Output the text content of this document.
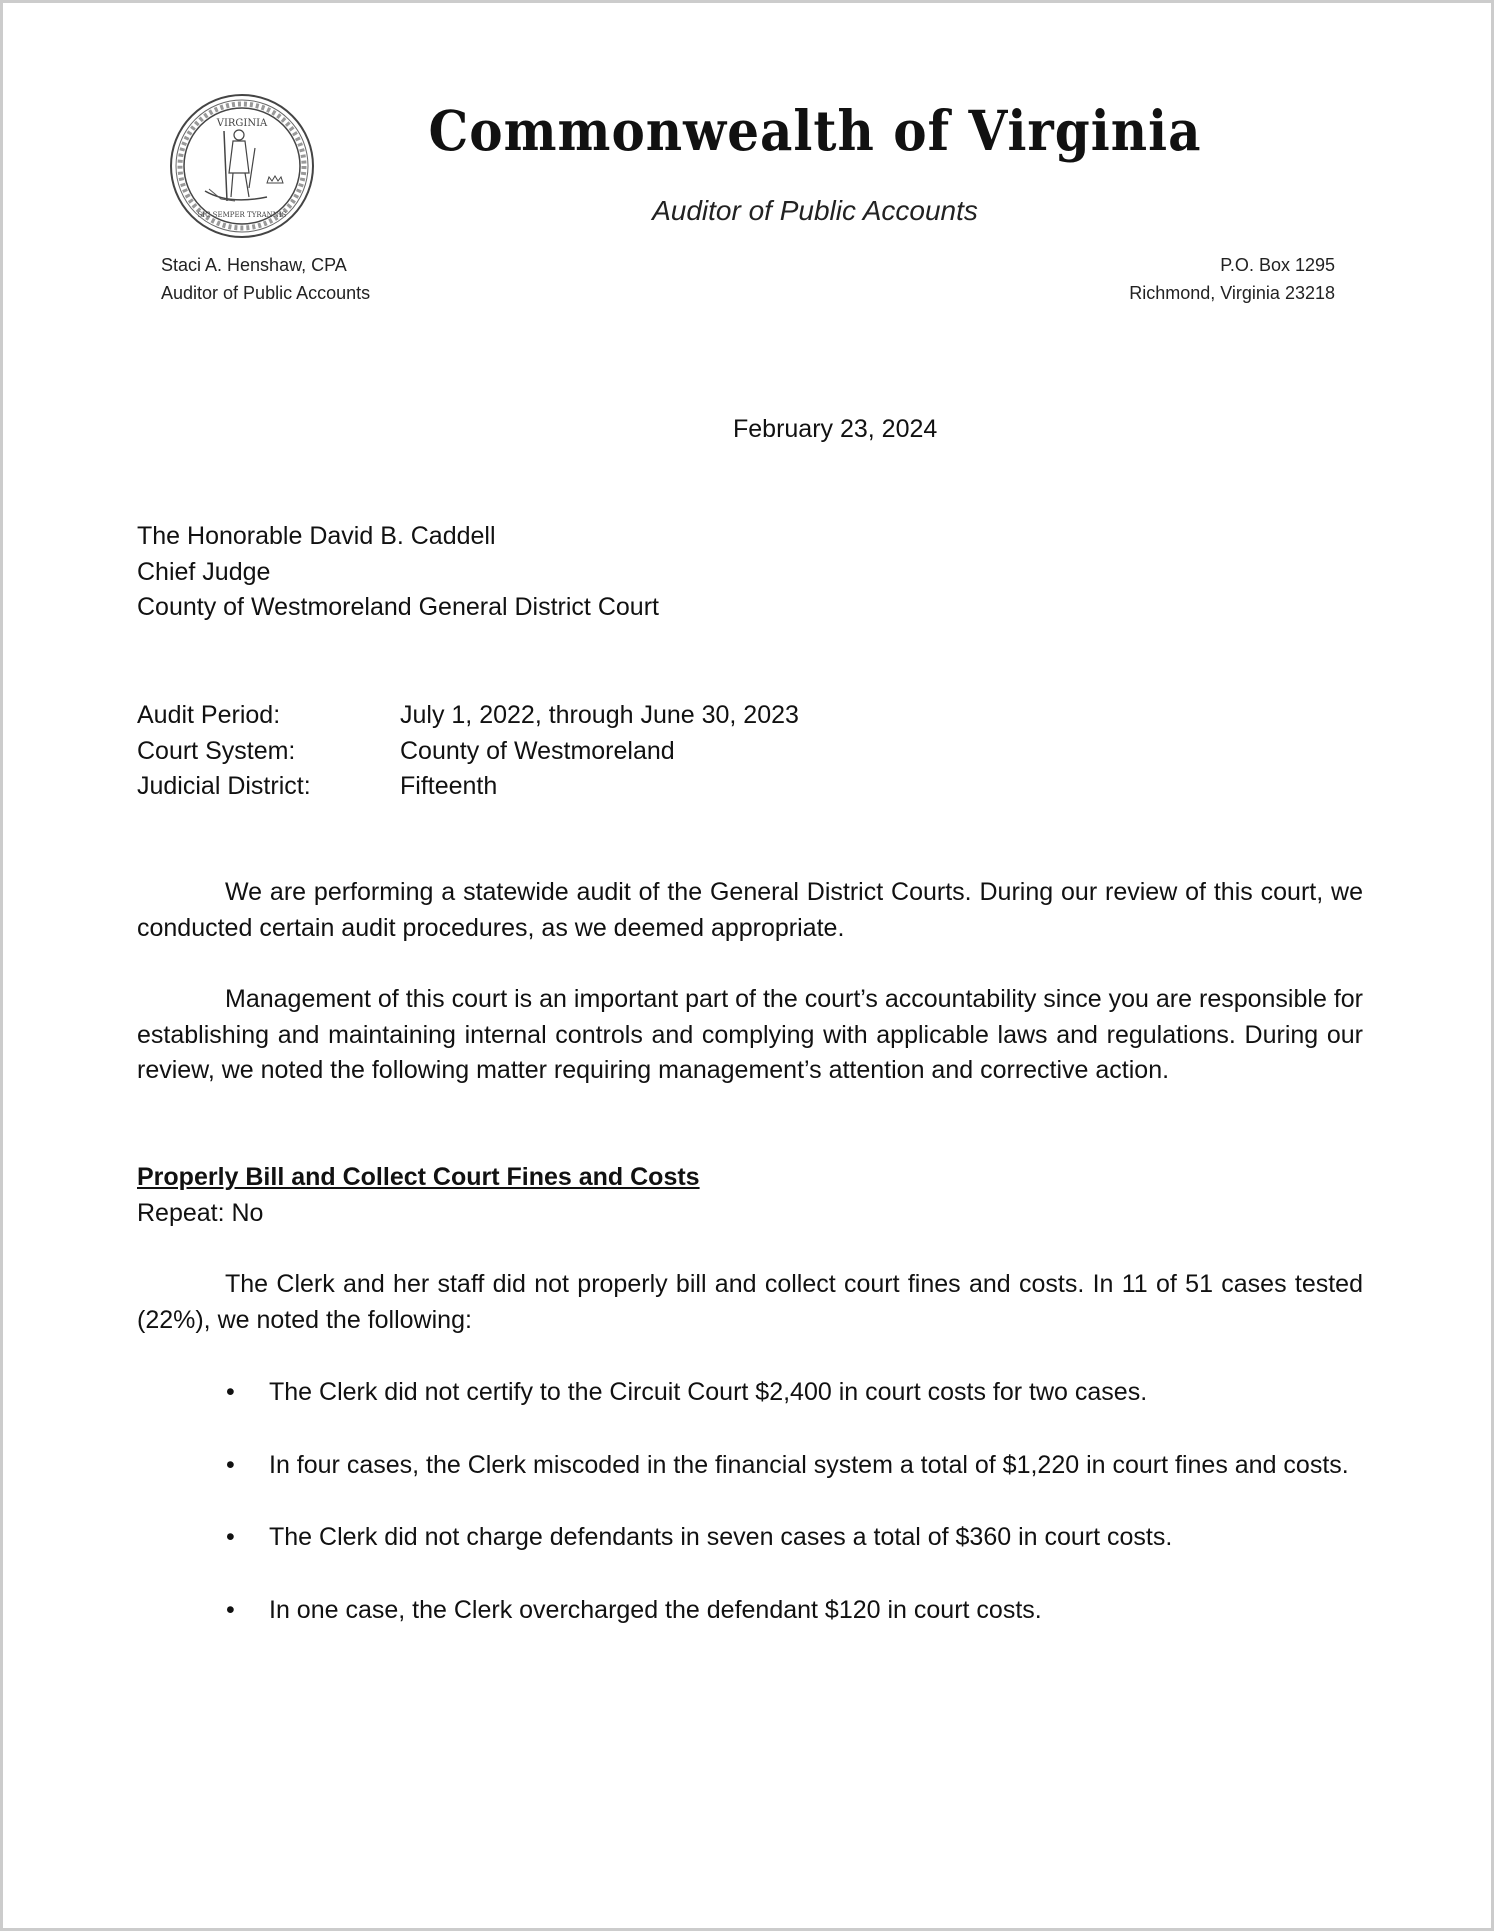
VIRGINIA
SIC SEMPER TYRANNIS
Commonwealth of Virginia
Auditor of Public Accounts
Staci A. Henshaw, CPA
Auditor of Public Accounts
P.O. Box 1295
Richmond, Virginia 23218
February 23, 2024
The Honorable David B. Caddell
Chief Judge
County of Westmoreland General District Court
Audit Period:	July 1, 2022, through June 30, 2023
Court System:	County of Westmoreland
Judicial District:	Fifteenth
We are performing a statewide audit of the General District Courts. During our review of this court, we conducted certain audit procedures, as we deemed appropriate.
Management of this court is an important part of the court’s accountability since you are responsible for establishing and maintaining internal controls and complying with applicable laws and regulations. During our review, we noted the following matter requiring management’s attention and corrective action.
Properly Bill and Collect Court Fines and Costs
Repeat: No
The Clerk and her staff did not properly bill and collect court fines and costs. In 11 of 51 cases tested (22%), we noted the following:
• The Clerk did not certify to the Circuit Court $2,400 in court costs for two cases.
• In four cases, the Clerk miscoded in the financial system a total of $1,220 in court fines and costs.
• The Clerk did not charge defendants in seven cases a total of $360 in court costs.
• In one case, the Clerk overcharged the defendant $120 in court costs.
